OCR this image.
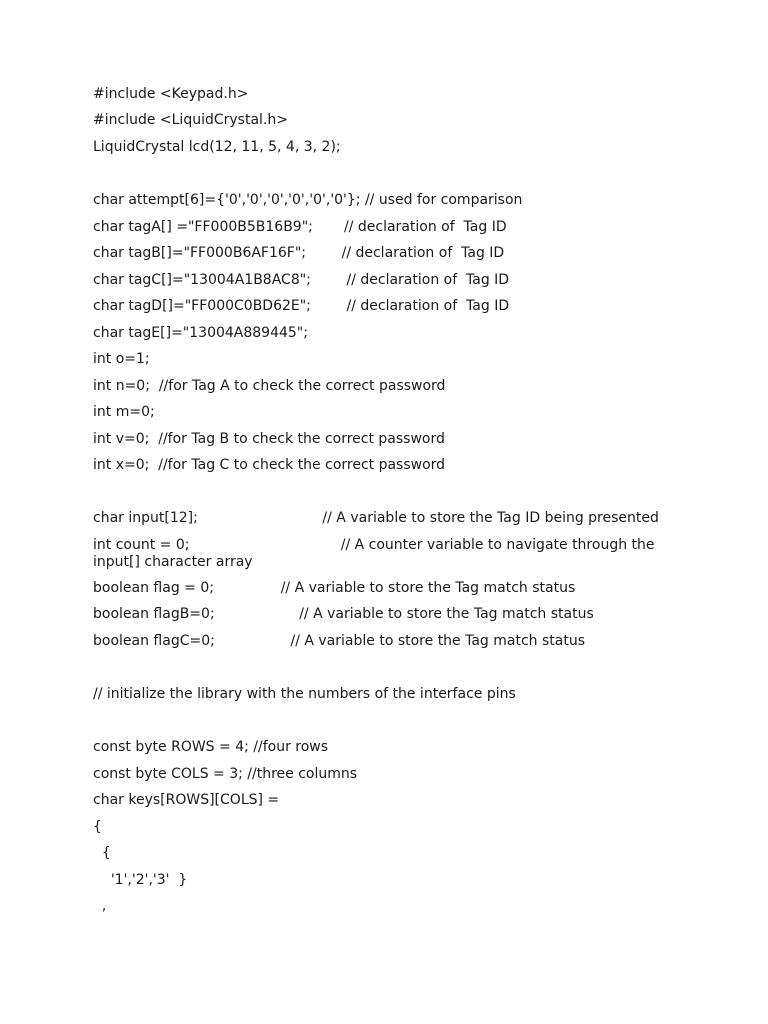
#include <Keypad.h>
#include <LiquidCrystal.h>
LiquidCrystal lcd(12, 11, 5, 4, 3, 2);
char attempt[6]={'0','0','0','0','0','0'}; // used for comparison
char tagA[] ="FF000B5B16B9";       // declaration of  Tag ID
char tagB[]="FF000B6AF16F";        // declaration of  Tag ID
char tagC[]="13004A1B8AC8";        // declaration of  Tag ID
char tagD[]="FF000C0BD62E";        // declaration of  Tag ID
char tagE[]="13004A889445";
int o=1;
int n=0;  //for Tag A to check the correct password
int m=0;
int v=0;  //for Tag B to check the correct password
int x=0;  //for Tag C to check the correct password
char input[12];                            // A variable to store the Tag ID being presented
int count = 0;                                  // A counter variable to navigate through the input[] character array
boolean flag = 0;               // A variable to store the Tag match status
boolean flagB=0;                   // A variable to store the Tag match status
boolean flagC=0;                 // A variable to store the Tag match status
// initialize the library with the numbers of the interface pins
const byte ROWS = 4; //four rows
const byte COLS = 3; //three columns
char keys[ROWS][COLS] =
{
{
'1','2','3'  }
,
